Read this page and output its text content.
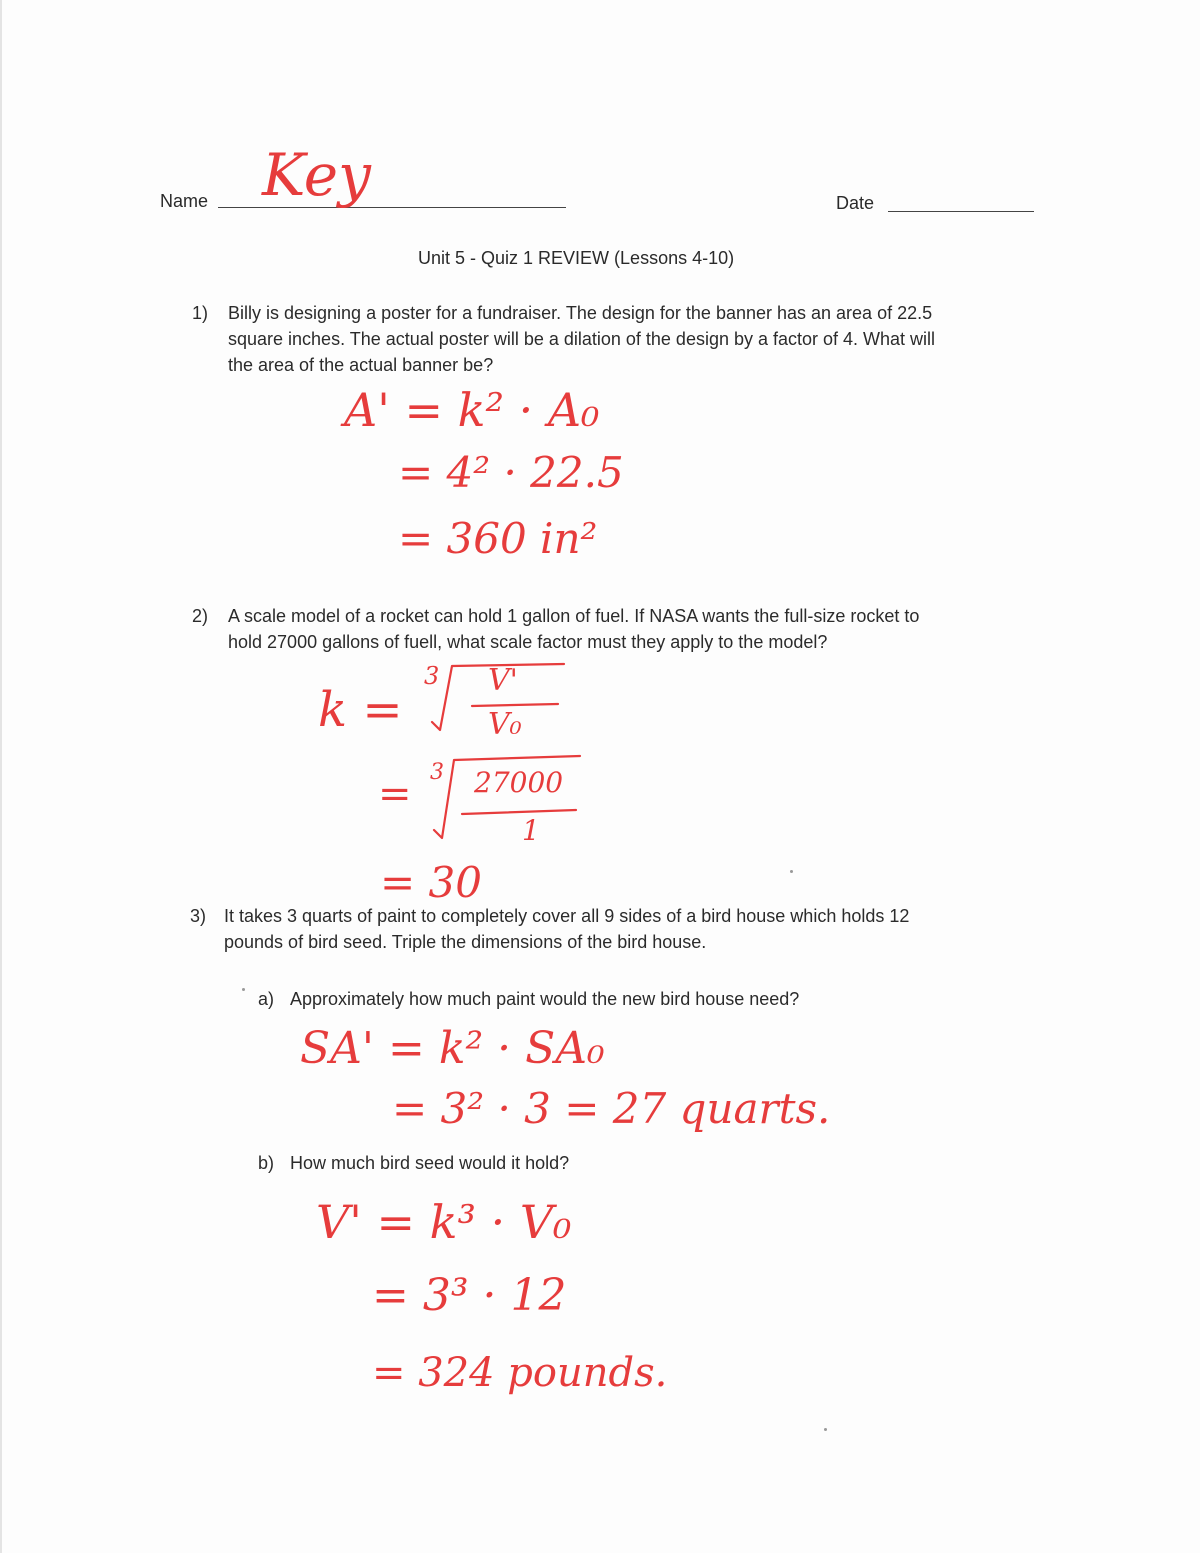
Name Key	Date
Unit 5 - Quiz 1 REVIEW (Lessons 4-10)
1) Billy is designing a poster for a fundraiser. The design for the banner has an area of 22.5
square inches. The actual poster will be a dilation of the design by a factor of 4. What will
the area of the actual banner be?
A' = k² · A₀
= 4² · 22.5
= 360 in²
2) A scale model of a rocket can hold 1 gallon of fuel. If NASA wants the full-size rocket to
hold 27000 gallons of fuell, what scale factor must they apply to the model?
k =
3 V'
V₀
= 3 27000
1
= 30
3) It takes 3 quarts of paint to completely cover all 9 sides of a bird house which holds 12
pounds of bird seed. Triple the dimensions of the bird house.
a) Approximately how much paint would the new bird house need?
SA' = k² · SA₀
= 3² · 3 = 27 quarts.
b) How much bird seed would it hold?
V' = k³ · V₀
= 3³ · 12
= 324 pounds.
